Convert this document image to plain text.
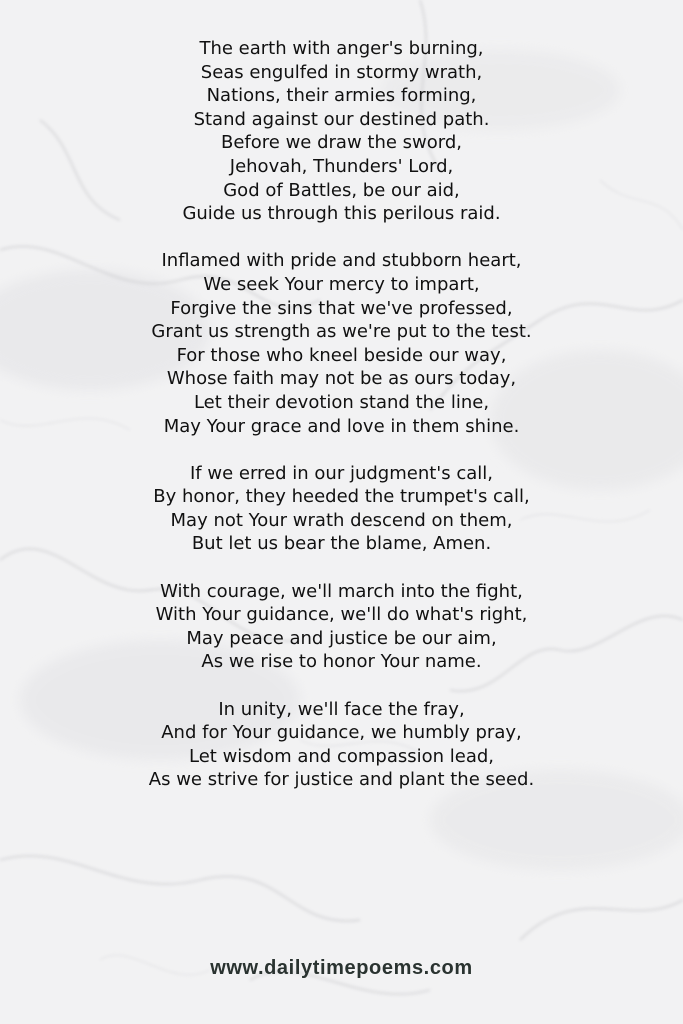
The earth with anger's burning,
Seas engulfed in stormy wrath,
Nations, their armies forming,
Stand against our destined path.
Before we draw the sword,
Jehovah, Thunders' Lord,
God of Battles, be our aid,
Guide us through this perilous raid.
Inflamed with pride and stubborn heart,
We seek Your mercy to impart,
Forgive the sins that we've professed,
Grant us strength as we're put to the test.
For those who kneel beside our way,
Whose faith may not be as ours today,
Let their devotion stand the line,
May Your grace and love in them shine.
If we erred in our judgment's call,
By honor, they heeded the trumpet's call,
May not Your wrath descend on them,
But let us bear the blame, Amen.
With courage, we'll march into the fight,
With Your guidance, we'll do what's right,
May peace and justice be our aim,
As we rise to honor Your name.
In unity, we'll face the fray,
And for Your guidance, we humbly pray,
Let wisdom and compassion lead,
As we strive for justice and plant the seed.
www.dailytimepoems.com
